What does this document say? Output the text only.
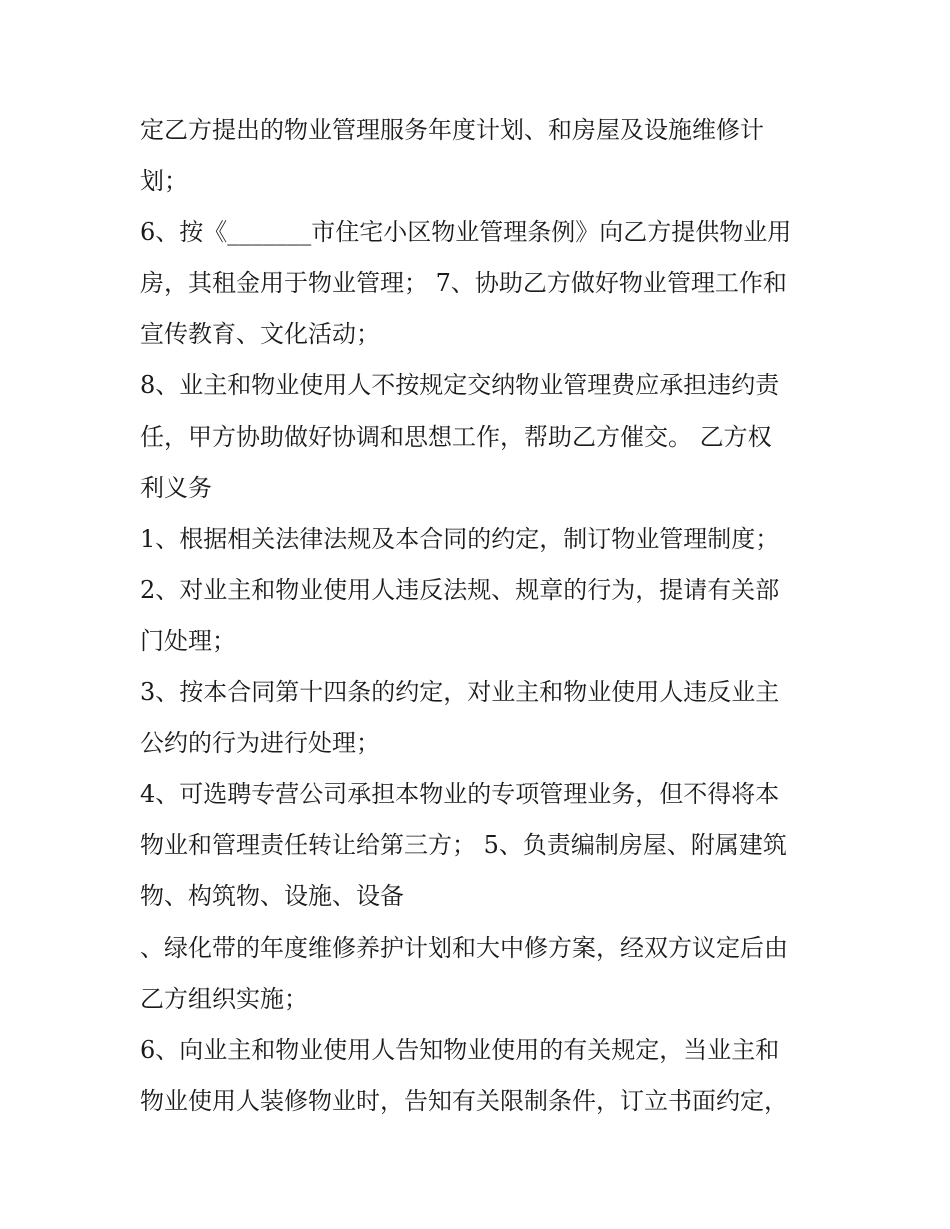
定乙方提出的物业管理服务年度计划、和房屋及设施维修计
划；
6、按《_______市住宅小区物业管理条例》向乙方提供物业用
房，其租金用于物业管理； 7、协助乙方做好物业管理工作和
宣传教育、文化活动；
8、业主和物业使用人不按规定交纳物业管理费应承担违约责
任，甲方协助做好协调和思想工作，帮助乙方催交。 乙方权
利义务
1、根据相关法律法规及本合同的约定，制订物业管理制度；
2、对业主和物业使用人违反法规、规章的行为，提请有关部
门处理；
3、按本合同第十四条的约定，对业主和物业使用人违反业主
公约的行为进行处理；
4、可选聘专营公司承担本物业的专项管理业务，但不得将本
物业和管理责任转让给第三方； 5、负责编制房屋、附属建筑
物、构筑物、设施、设备
、绿化带的年度维修养护计划和大中修方案，经双方议定后由
乙方组织实施；
6、向业主和物业使用人告知物业使用的有关规定，当业主和
物业使用人装修物业时，告知有关限制条件，订立书面约定，
